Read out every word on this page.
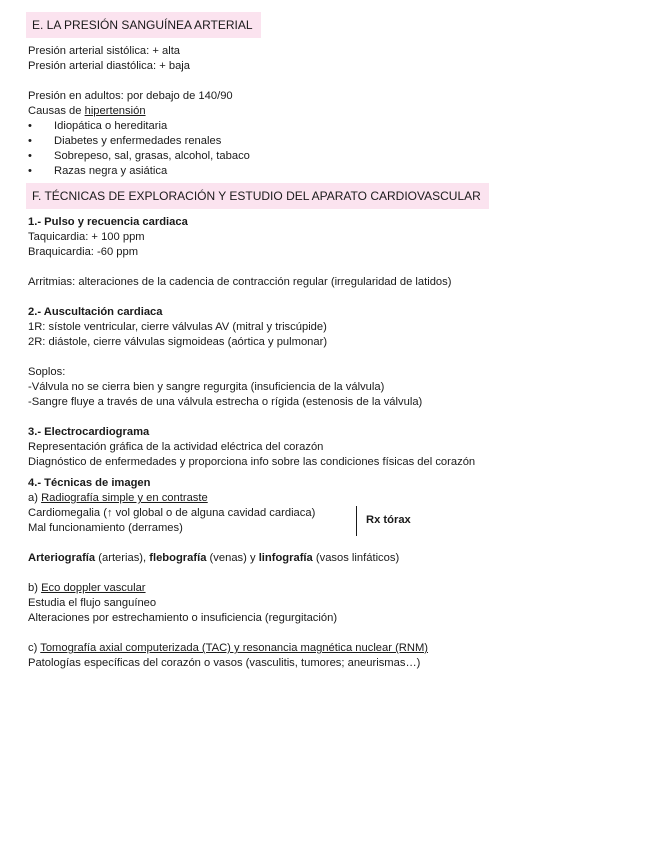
E. LA PRESIÓN SANGUÍNEA ARTERIAL
Presión arterial sistólica: + alta
Presión arterial diastólica: + baja
Presión en adultos: por debajo de 140/90
Causas de hipertensión
• Idiopática o hereditaria
• Diabetes y enfermedades renales
• Sobrepeso, sal, grasas, alcohol, tabaco
• Razas negra y asiática
F. TÉCNICAS DE EXPLORACIÓN Y ESTUDIO DEL APARATO CARDIOVASCULAR
1.- Pulso y recuencia cardiaca
Taquicardia: + 100 ppm
Braquicardia: -60 ppm
Arritmias: alteraciones de la cadencia de contracción regular (irregularidad de latidos)
2.- Auscultación cardiaca
1R: sístole ventricular, cierre válvulas AV (mitral y triscúpide)
2R: diástole, cierre válvulas sigmoideas (aórtica y pulmonar)
Soplos:
-Válvula no se cierra bien y sangre regurgita (insuficiencia de la válvula)
-Sangre fluye a través de una válvula estrecha o rígida (estenosis de la válvula)
3.- Electrocardiograma
Representación gráfica de la actividad eléctrica del corazón
Diagnóstico de enfermedades y proporciona info sobre las condiciones físicas del corazón
4.- Técnicas de imagen
a) Radiografía simple y en contraste
Cardiomegalia (↑ vol global o de alguna cavidad cardiaca)
Mal funcionamiento (derrames)
Rx tórax
Arteriografía (arterias), flebografía (venas) y linfografía (vasos linfáticos)
b) Eco doppler vascular
Estudia el flujo sanguíneo
Alteraciones por estrechamiento o insuficiencia (regurgitación)
c) Tomografía axial computerizada (TAC) y resonancia magnética nuclear (RNM)
Patologías específicas del corazón o vasos (vasculitis, tumores; aneurismas…)
